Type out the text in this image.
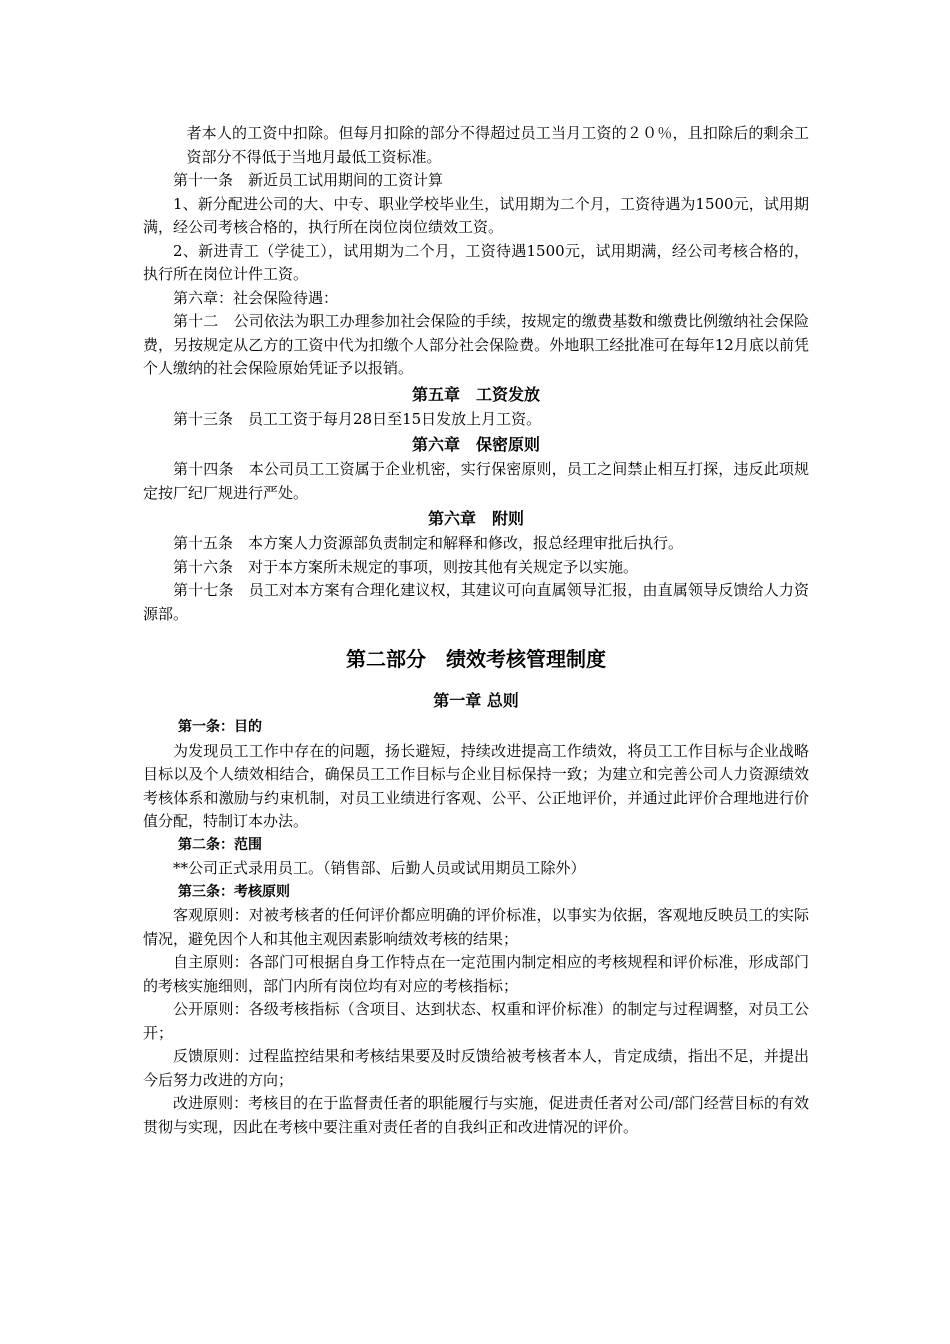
者本人的工资中扣除。但每月扣除的部分不得超过员工当月工资的２０％，且扣除后的剩余工资部分不得低于当地月最低工资标准。

第十一条　新近员工试用期间的工资计算

1、新分配进公司的大、中专、职业学校毕业生，试用期为二个月，工资待遇为1500元，试用期满，经公司考核合格的，执行所在岗位岗位绩效工资。

2、新进青工（学徒工），试用期为二个月，工资待遇1500元，试用期满，经公司考核合格的，执行所在岗位计件工资。

第六章：社会保险待遇：

第十二　公司依法为职工办理参加社会保险的手续，按规定的缴费基数和缴费比例缴纳社会保险费，另按规定从乙方的工资中代为扣缴个人部分社会保险费。外地职工经批准可在每年12月底以前凭个人缴纳的社会保险原始凭证予以报销。

第五章　工资发放

第十三条　员工工资于每月28日至15日发放上月工资。

第六章　保密原则

第十四条　本公司员工工资属于企业机密，实行保密原则，员工之间禁止相互打探，违反此项规定按厂纪厂规进行严处。

第六章　附则

第十五条　本方案人力资源部负责制定和解释和修改，报总经理审批后执行。

第十六条　对于本方案所未规定的事项，则按其他有关规定予以实施。

第十七条　员工对本方案有合理化建议权，其建议可向直属领导汇报，由直属领导反馈给人力资源部。

第二部分　绩效考核管理制度

第一章 总则

第一条：目的

为发现员工工作中存在的问题，扬长避短，持续改进提高工作绩效，将员工工作目标与企业战略目标以及个人绩效相结合，确保员工工作目标与企业目标保持一致；为建立和完善公司人力资源绩效考核体系和激励与约束机制，对员工业绩进行客观、公平、公正地评价，并通过此评价合理地进行价值分配，特制订本办法。

第二条：范围

**公司正式录用员工。（销售部、后勤人员或试用期员工除外）

第三条：考核原则

客观原则：对被考核者的任何评价都应明确的评价标准，以事实为依据，客观地反映员工的实际情况，避免因个人和其他主观因素影响绩效考核的结果；

自主原则：各部门可根据自身工作特点在一定范围内制定相应的考核规程和评价标准，形成部门的考核实施细则，部门内所有岗位均有对应的考核指标；

公开原则：各级考核指标（含项目、达到状态、权重和评价标准）的制定与过程调整，对员工公开；

反馈原则：过程监控结果和考核结果要及时反馈给被考核者本人，肯定成绩，指出不足，并提出今后努力改进的方向；

改进原则：考核目的在于监督责任者的职能履行与实施，促进责任者对公司/部门经营目标的有效贯彻与实现，因此在考核中要注重对责任者的自我纠正和改进情况的评价。
